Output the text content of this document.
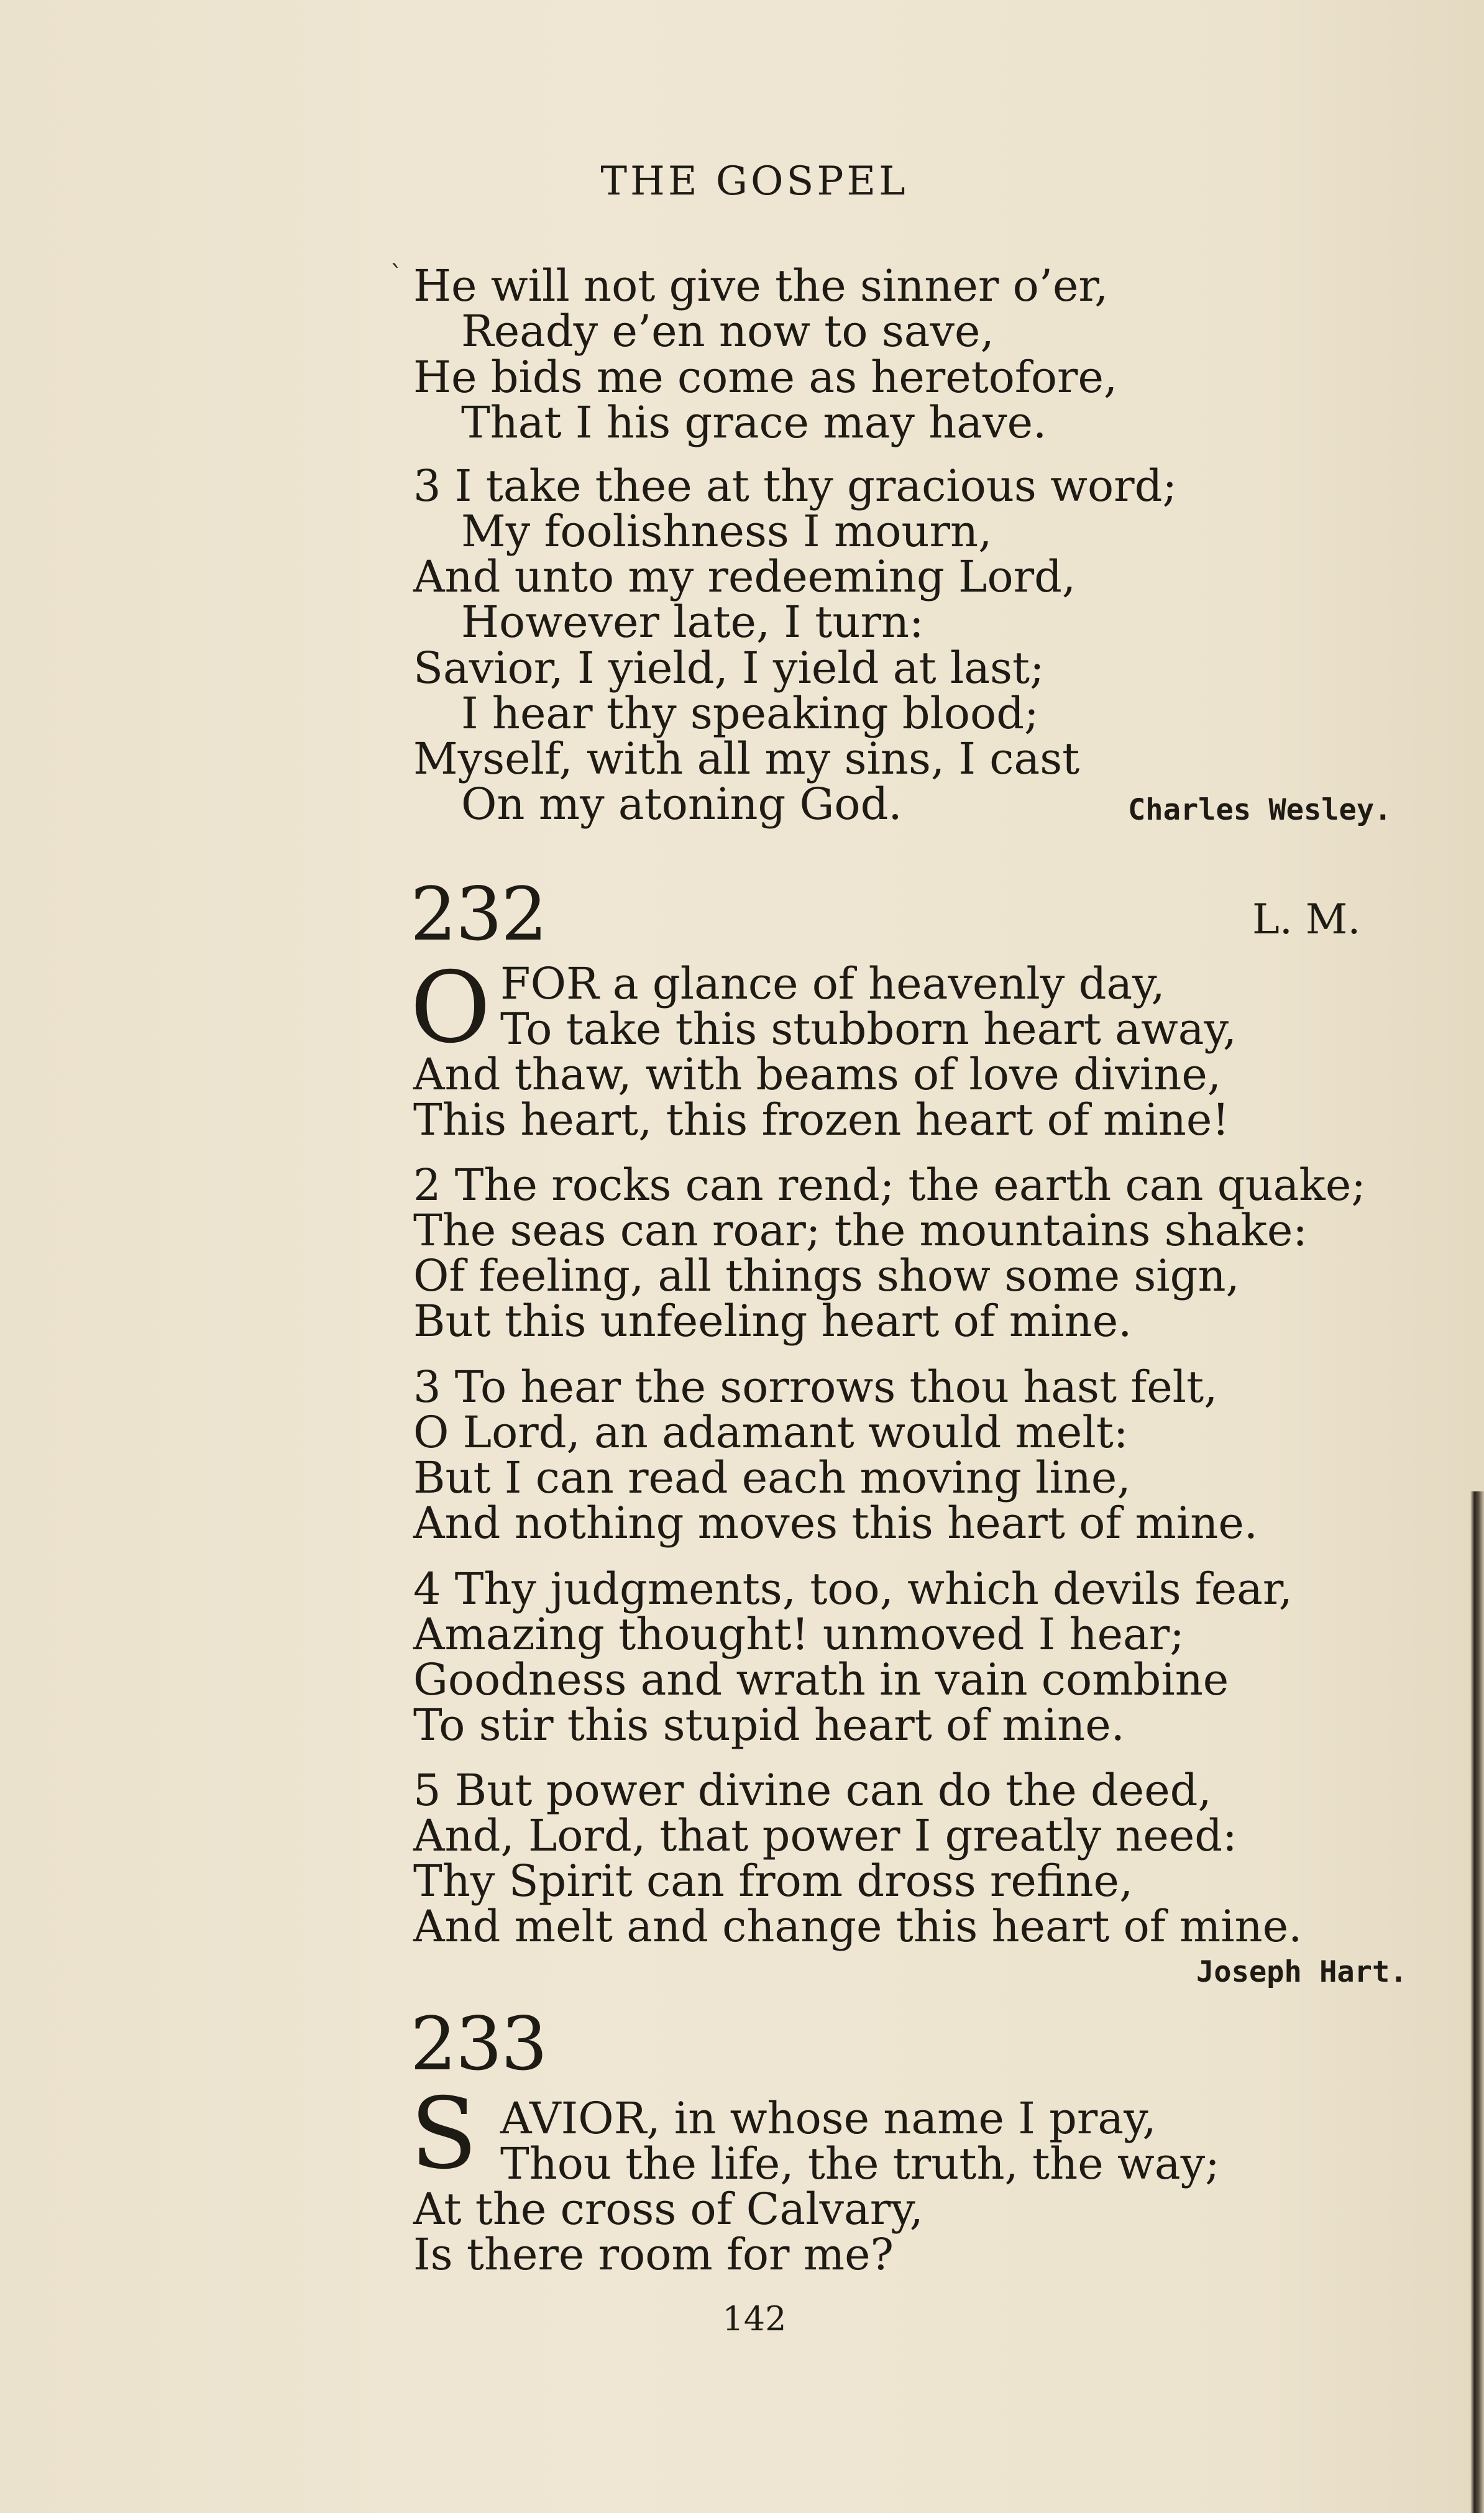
THE GOSPEL
` He will not give the sinner o’er,
Ready e’en now to save,
He bids me come as heretofore,
That I his grace may have.
3 I take thee at thy gracious word;
My foolishness I mourn,
And unto my redeeming Lord,
However late, I turn:
Savior, I yield, I yield at last;
I hear thy speaking blood;
Myself, with all my sins, I cast
On my atoning God.	Charles Wesley.
232	L. M.
O FOR a glance of heavenly day,
To take this stubborn heart away,
And thaw, with beams of love divine,
This heart, this frozen heart of mine!
2 The rocks can rend; the earth can quake;
The seas can roar; the mountains shake:
Of feeling, all things show some sign,
But this unfeeling heart of mine.
3 To hear the sorrows thou hast felt,
O Lord, an adamant would melt:
But I can read each moving line,
And nothing moves this heart of mine.
4 Thy judgments, too, which devils fear,
Amazing thought! unmoved I hear;
Goodness and wrath in vain combine
To stir this stupid heart of mine.
5 But power divine can do the deed,
And, Lord, that power I greatly need:
Thy Spirit can from dross refine,
And melt and change this heart of mine.
Joseph Hart.
233
S AVIOR, in whose name I pray,
Thou the life, the truth, the way;
At the cross of Calvary,
Is there room for me?
142
